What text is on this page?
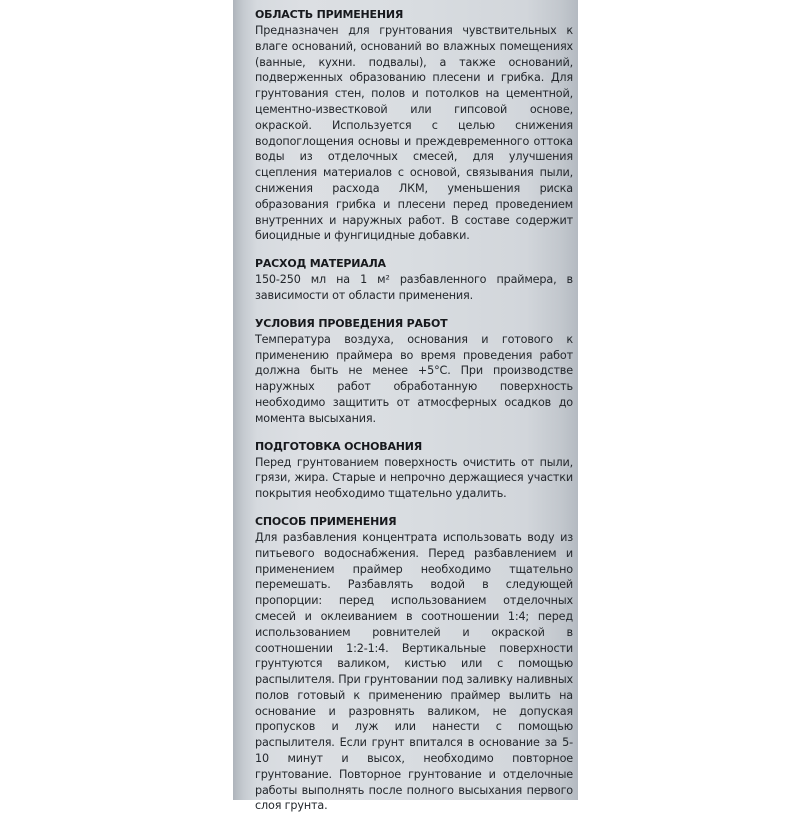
ОБЛАСТЬ ПРИМЕНЕНИЯ

Предназначен для грунтования чувствительных к влаге оснований, оснований во влажных помещениях (ванные, кухни. подвалы), а также оснований, подверженных образованию плесени и грибка. Для грунтования стен, полов и потолков на цементной, цементно-известковой или гипсовой основе, окраской. Используется с целью снижения водопоглощения основы и преждевременного оттока воды из отделочных смесей, для улучшения сцепления материалов с основой, связывания пыли, снижения расхода ЛКМ, уменьшения риска образования грибка и плесени перед проведением внутренних и наружных работ. В составе содержит биоцидные и фунгицидные добавки.

РАСХОД МАТЕРИАЛА

150-250 мл на 1 м² разбавленного праймера, в зависимости от области применения.

УСЛОВИЯ ПРОВЕДЕНИЯ РАБОТ

Температура воздуха, основания и готового к применению праймера во время проведения работ должна быть не менее +5°С. При производстве наружных работ обработанную поверхность необходимо защитить от атмосферных осадков до момента высыхания.

ПОДГОТОВКА ОСНОВАНИЯ

Перед грунтованием поверхность очистить от пыли, грязи, жира. Старые и непрочно держащиеся участки покрытия необходимо тщательно удалить.

СПОСОБ ПРИМЕНЕНИЯ

Для разбавления концентрата использовать воду из питьевого водоснабжения. Перед разбавлением и применением праймер необходимо тщательно перемешать. Разбавлять водой в следующей пропорции: перед использованием отделочных смесей и оклеиванием в соотношении 1:4; перед использованием ровнителей и окраской в соотношении 1:2-1:4. Вертикальные поверхности грунтуются валиком, кистью или с помощью распылителя. При грунтовании под заливку наливных полов готовый к применению праймер вылить на основание и разровнять валиком, не допуская пропусков и луж или нанести с помощью распылителя. Если грунт впитался в основание за 5-10 минут и высох, необходимо повторное грунтование. Повторное грунтование и отделочные работы выполнять после полного высыхания первого слоя грунта.
